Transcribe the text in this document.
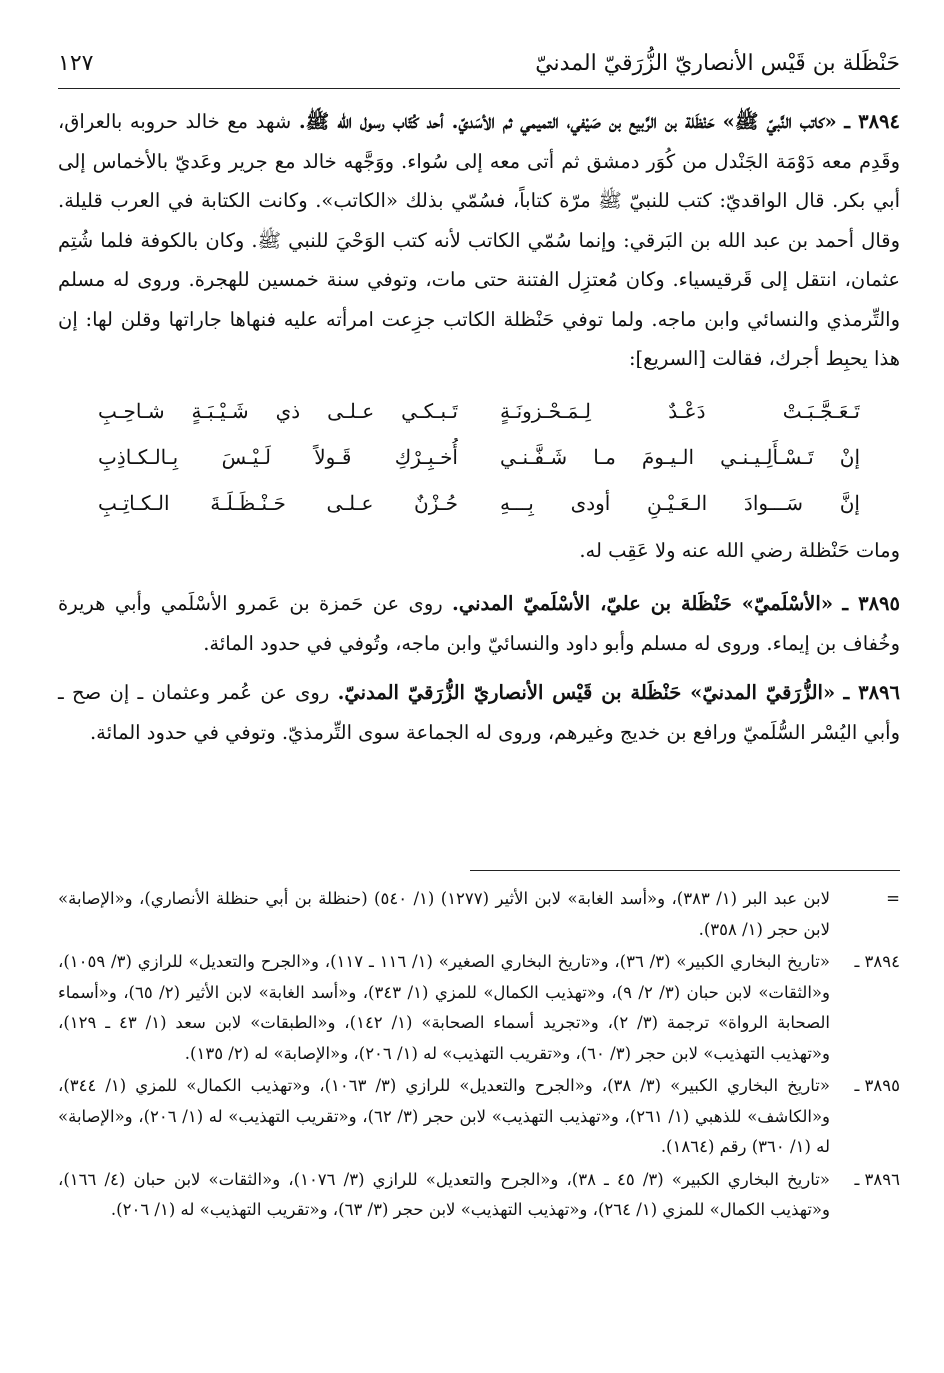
حَنْظَلة بن قَيْس الأنصاريّ الزُّرَقيّ المدنيّ
١٢٧

٣٨٩٤ ـ «كاتب النَّبيّ ﷺ» حَنْظَلة بن الرَّبيع بن صَيْفي، التميمي ثم الأسَديّ. أحد كُتّاب رسول الله ﷺ. شهد مع خالد حروبه بالعراق، وقَدِم معه دَوْمَة الجَنْدل من كُوَر دمشق ثم أتى معه إلى سُواء. ووَجَّهه خالد مع جرير وعَديّ بالأخماس إلى أبي بكر. قال الواقديّ: كتب للنبيّ ﷺ مرّة كتاباً، فسُمّي بذلك «الكاتب». وكانت الكتابة في العرب قليلة. وقال أحمد بن عبد الله بن البَرقي: وإنما سُمّي الكاتب لأنه كتب الوَحْيَ للنبي ﷺ. وكان بالكوفة فلما شُتِم عثمان، انتقل إلى قَرقيسياء. وكان مُعتزِل الفتنة حتى مات، وتوفي سنة خمسين للهجرة. وروى له مسلم والتِّرمذي والنسائي وابن ماجه. ولما توفي حَنْظلة الكاتب جزِعت امرأته عليه فنهاها جاراتها وقلن لها: إن هذا يحبِط أجرك، فقالت [السريع]:

تَـعَـجَّـبَـتْ دَعْـدٌ لِـمَـحْـزونَـةٍ
تَـبـكـي عـلـى ذي شَـيْـبَـةٍ شـاحِـبِ
إنْ تَـسْـأَلِـيـنـي الـيـومَ مـا شَـفَّـنـي
أُخـبِـرْكِ قَـولاً لَـيْـسَ بِـالـكـاذِبِ
إنَّ سَـــوادَ الـعَـيْـنِ أودى بِـــهِ
حُـزْنٌ عـلـى حَـنْـظَـلَـةَ الـكـاتِـبِ

ومات حَنْظلة رضي الله عنه ولا عَقِب له.

٣٨٩٥ ـ «الأسْلَميّ» حَنْظَلة بن عليّ، الأسْلَميّ المدني. روى عن حَمزة بن عَمرو الأسْلَمي وأبي هريرة وخُفاف بن إيماء. وروى له مسلم وأبو داود والنسائيّ وابن ماجه، وتُوفي في حدود المائة.

٣٨٩٦ ـ «الزُّرَقيّ المدنيّ» حَنْظَلة بن قَيْس الأنصاريّ الزُّرَقيّ المدنيّ. روى عن عُمر وعثمان ـ إن صح ـ وأبي اليُسْر السُّلَميّ ورافع بن خديج وغيرهم، وروى له الجماعة سوى التِّرمذيّ. وتوفي في حدود المائة.

=
لابن عبد البر (١/ ٣٨٣)، و«أسد الغابة» لابن الأثير (١٢٧٧) (١/ ٥٤٠) (حنظلة بن أبي حنظلة الأنصاري)، و«الإصابة» لابن حجر (١/ ٣٥٨).
٣٨٩٤ ـ
«تاريخ البخاري الكبير» (٣/ ٣٦)، و«تاريخ البخاري الصغير» (١/ ١١٦ ـ ١١٧)، و«الجرح والتعديل» للرازي (٣/ ١٠٥٩)، و«الثقات» لابن حبان (٣/ ٢/ ٩)، و«تهذيب الكمال» للمزي (١/ ٣٤٣)، و«أسد الغابة» لابن الأثير (٢/ ٦٥)، و«أسماء الصحابة الرواة» ترجمة (٣/ ٢)، و«تجريد أسماء الصحابة» (١/ ١٤٢)، و«الطبقات» لابن سعد (١/ ٤٣ ـ ١٢٩)، و«تهذيب التهذيب» لابن حجر (٣/ ٦٠)، و«تقريب التهذيب» له (١/ ٢٠٦)، و«الإصابة» له (٢/ ١٣٥).
٣٨٩٥ ـ
«تاريخ البخاري الكبير» (٣/ ٣٨)، و«الجرح والتعديل» للرازي (٣/ ١٠٦٣)، و«تهذيب الكمال» للمزي (١/ ٣٤٤)، و«الكاشف» للذهبي (١/ ٢٦١)، و«تهذيب التهذيب» لابن حجر (٣/ ٦٢)، و«تقريب التهذيب» له (١/ ٢٠٦)، و«الإصابة» له (١/ ٣٦٠) رقم (١٨٦٤).
٣٨٩٦ ـ
«تاريخ البخاري الكبير» (٣/ ٤٥ ـ ٣٨)، و«الجرح والتعديل» للرازي (٣/ ١٠٧٦)، و«الثقات» لابن حبان (٤/ ١٦٦)، و«تهذيب الكمال» للمزي (١/ ٢٦٤)، و«تهذيب التهذيب» لابن حجر (٣/ ٦٣)، و«تقريب التهذيب» له (١/ ٢٠٦).
